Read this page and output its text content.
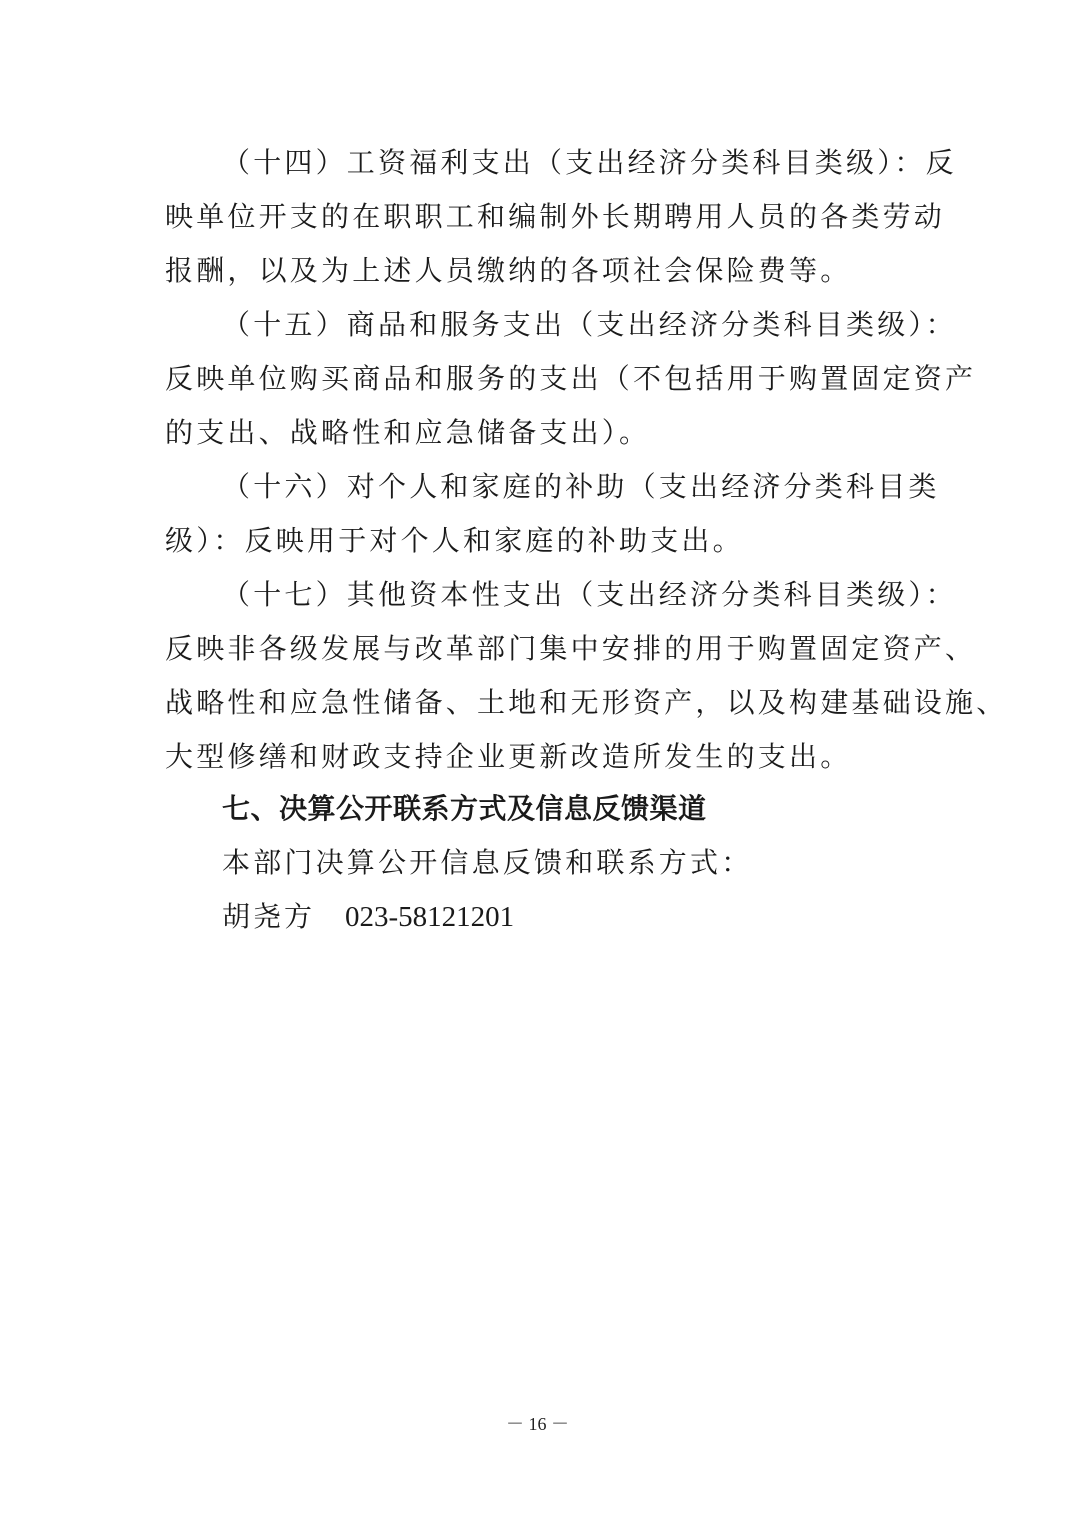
（十四）工资福利支出（支出经济分类科目类级）：反
映单位开支的在职职工和编制外长期聘用人员的各类劳动
报酬，以及为上述人员缴纳的各项社会保险费等。
（十五）商品和服务支出（支出经济分类科目类级）：
反映单位购买商品和服务的支出（不包括用于购置固定资产
的支出、战略性和应急储备支出）。
（十六）对个人和家庭的补助（支出经济分类科目类
级）：反映用于对个人和家庭的补助支出。
（十七）其他资本性支出（支出经济分类科目类级）：
反映非各级发展与改革部门集中安排的用于购置固定资产、
战略性和应急性储备、土地和无形资产，以及构建基础设施、
大型修缮和财政支持企业更新改造所发生的支出。
七、决算公开联系方式及信息反馈渠道
本部门决算公开信息反馈和联系方式：
胡尧方 023-58121201
－ 16 －
